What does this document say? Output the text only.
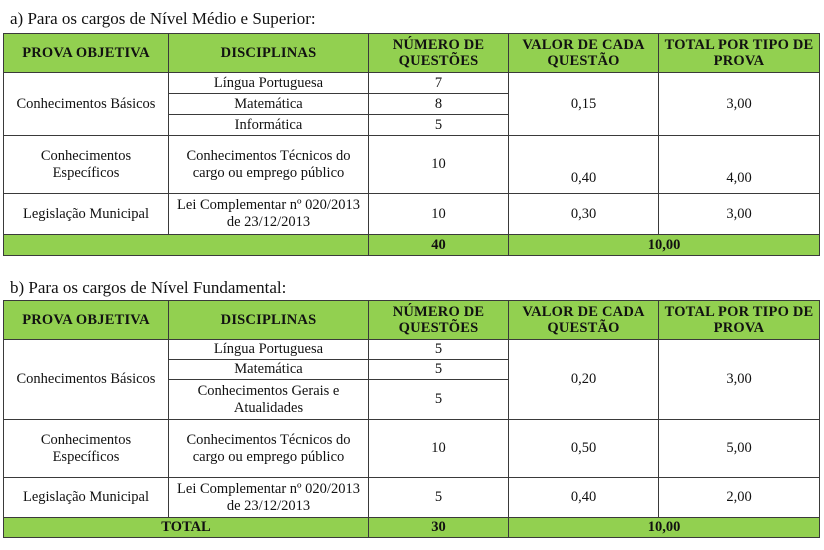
a) Para os cargos de Nível Médio e Superior:
PROVA OBJETIVA	DISCIPLINAS	NÚMERO DE QUESTÕES	VALOR DE CADA QUESTÃO	TOTAL POR TIPO DE PROVA
Conhecimentos Básicos	Língua Portuguesa	7	0,15	3,00
	Matemática	8		
	Informática	5		
Conhecimentos Específicos	Conhecimentos Técnicos do cargo ou emprego público	10	0,40	4,00
Legislação Municipal	Lei Complementar nº 020/2013 de 23/12/2013	10	0,30	3,00
		40	10,00	
b) Para os cargos de Nível Fundamental:
PROVA OBJETIVA	DISCIPLINAS	NÚMERO DE QUESTÕES	VALOR DE CADA QUESTÃO	TOTAL POR TIPO DE PROVA
Conhecimentos Básicos	Língua Portuguesa	5	0,20	3,00
	Matemática	5		
	Conhecimentos Gerais e Atualidades	5		
Conhecimentos Específicos	Conhecimentos Técnicos do cargo ou emprego público	10	0,50	5,00
Legislação Municipal	Lei Complementar nº 020/2013 de 23/12/2013	5	0,40	2,00
TOTAL		30	10,00	
